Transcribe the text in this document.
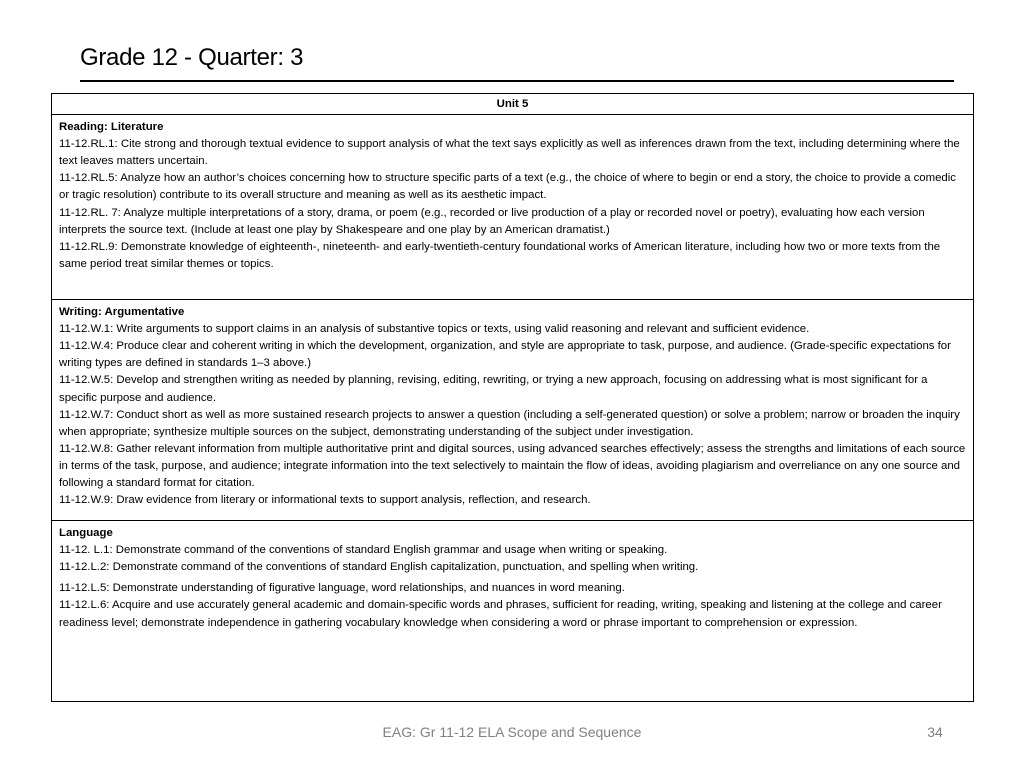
Grade 12 - Quarter: 3
Unit 5

Reading: Literature
11-12.RL.1: Cite strong and thorough textual evidence to support analysis of what the text says explicitly as well as inferences drawn from the text, including determining where the text leaves matters uncertain.
11-12.RL.5: Analyze how an author’s choices concerning how to structure specific parts of a text (e.g., the choice of where to begin or end a story, the choice to provide a comedic or tragic resolution) contribute to its overall structure and meaning as well as its aesthetic impact.
11-12.RL. 7: Analyze multiple interpretations of a story, drama, or poem (e.g., recorded or live production of a play or recorded novel or poetry), evaluating how each version interprets the source text. (Include at least one play by Shakespeare and one play by an American dramatist.)
11-12.RL.9: Demonstrate knowledge of eighteenth-, nineteenth- and early-twentieth-century foundational works of American literature, including how two or more texts from the same period treat similar themes or topics.

Writing: Argumentative
11-12.W.1: Write arguments to support claims in an analysis of substantive topics or texts, using valid reasoning and relevant and sufficient evidence.
11-12.W.4: Produce clear and coherent writing in which the development, organization, and style are appropriate to task, purpose, and audience. (Grade-specific expectations for writing types are defined in standards 1–3 above.)
11-12.W.5: Develop and strengthen writing as needed by planning, revising, editing, rewriting, or trying a new approach, focusing on addressing what is most significant for a specific purpose and audience.
11-12.W.7: Conduct short as well as more sustained research projects to answer a question (including a self-generated question) or solve a problem; narrow or broaden the inquiry when appropriate; synthesize multiple sources on the subject, demonstrating understanding of the subject under investigation.
11-12.W.8: Gather relevant information from multiple authoritative print and digital sources, using advanced searches effectively; assess the strengths and limitations of each source in terms of the task, purpose, and audience; integrate information into the text selectively to maintain the flow of ideas, avoiding plagiarism and overreliance on any one source and following a standard format for citation.
11-12.W.9: Draw evidence from literary or informational texts to support analysis, reflection, and research.

Language
11-12. L.1: Demonstrate command of the conventions of standard English grammar and usage when writing or speaking.
11-12.L.2: Demonstrate command of the conventions of standard English capitalization, punctuation, and spelling when writing.
11-12.L.5: Demonstrate understanding of figurative language, word relationships, and nuances in word meaning.
11-12.L.6: Acquire and use accurately general academic and domain-specific words and phrases, sufficient for reading, writing, speaking and listening at the college and career readiness level; demonstrate independence in gathering vocabulary knowledge when considering a word or phrase important to comprehension or expression.
EAG: Gr 11-12 ELA Scope and Sequence	34
